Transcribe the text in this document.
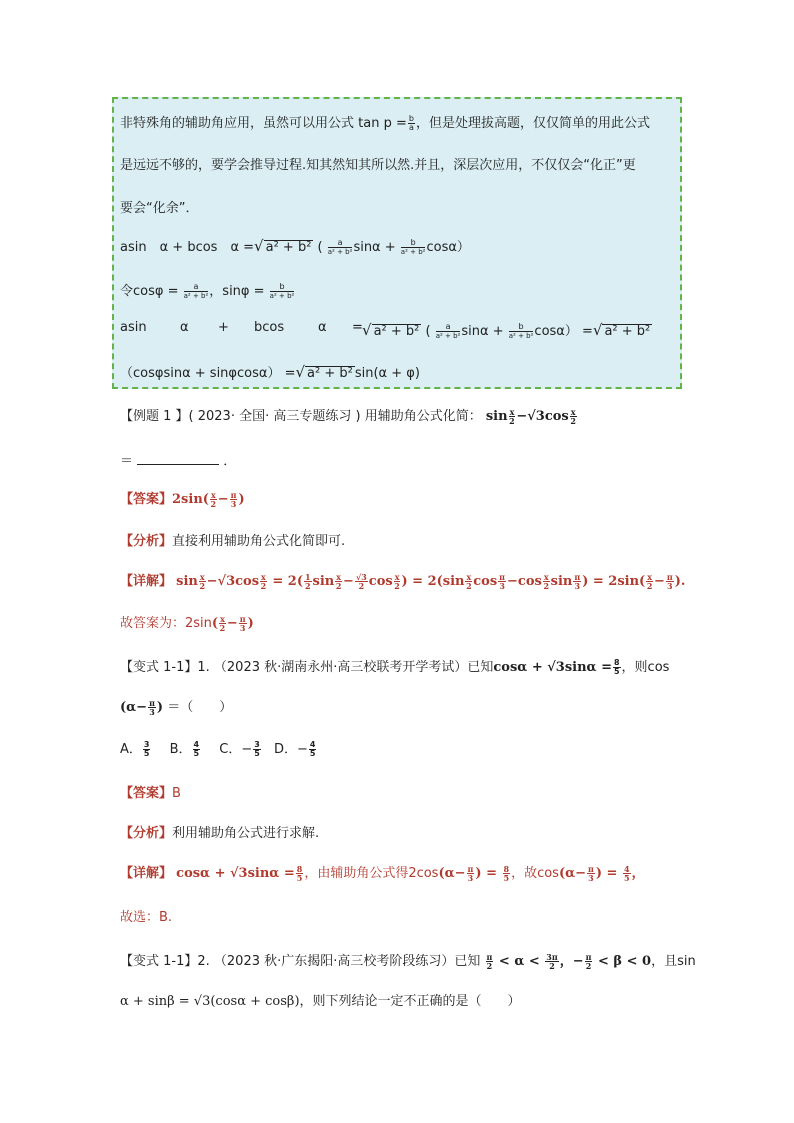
非特殊角的辅助角应用，虽然可以用公式 $\tan p = \frac{b}{a}$ ，但是处理拔高题，仅仅简单的用此公式
是远远不够的，要学会推导过程.知其然知其所以然.并且，深层次应用，不仅仅会“化正”更
要会“化余”．
asin　α + bcos　α =√ a² + b² ( $\frac{a}{\text{a² + b²}}$ $\sin\alpha + \frac{b}{\text{a² + b²}} \cos\alpha$）
令$\cos\varphi = \frac{a}{\text{a² + b²}}$ ，$\sin\varphi = \frac{b}{\text{a² + b²}}$
asin	α + bcos	α = √ a² + b² ( $\frac{a}{\text{a² + b²}}$ $\sin\alpha + \frac{b}{\text{a² + b²}} \cos\alpha$） =√ a² + b²
（cosφsinα + sinφcosα） =√ a² + b² sin(α + φ)
【例题 1 】( 2023· 全国· 高三专题练习 ) 用辅助角公式化简： $\sin \frac{x}{2} -√3\cos \frac{x}{2}$
＝	．
【答案】$2\sin( \frac{x}{2} - \frac{\pi}{3}$ )
【分析】直接利用辅助角公式化简即可.
【详解】 $\sin \frac{x}{2} -√3\cos \frac{x}{2} = 2( \frac{1}{2}$ $\sin \frac{x}{2} - \frac{√3}{2}$ $\cos \frac{x}{2}$ ) = $2(\sin \frac{x}{2}$ $\cos \frac{\pi}{3} -\cos \frac{x}{2}$ $\sin \frac{\pi}{3}$ ) = $2\sin( \frac{x}{2} - \frac{\pi}{3}$ ).
故答案为：$2\sin( \frac{x}{2} - \frac{\pi}{3}$ )
【变式 1-1】1. （2023 秋·湖南永州·高三校联考开学考试）已知$\cos\alpha + √3\sin\alpha = \frac{8}{5}$ ，则cos
($\alpha- \frac{\pi}{3}$ ) ＝（　　）
A． $\frac{3}{5}$ B． $\frac{4}{5}$ C．− $\frac{3}{5}$ D．− $\frac{4}{5}$
【答案】B
【分析】利用辅助角公式进行求解.
【详解】 $\cos\alpha + √3\sin\alpha = \frac{8}{5}$ ，由辅助角公式得$2\cos(\alpha- \frac{\pi}{3}$ ) = $\frac{8}{5}$ ，故$\cos(\alpha- \frac{\pi}{3}$ ) = $\frac{4}{5}$ ，
故选：B.
【变式 1-1】2. （2023 秋·广东揭阳·高三校考阶段练习）已知 $\frac{\pi}{2} < \alpha < \frac{3\pi}{2}$ ，− $\frac{\pi}{2} < \beta < 0$，且sin
α + sinβ = √3(cosα + cosβ)，则下列结论一定不正确的是（　　）
